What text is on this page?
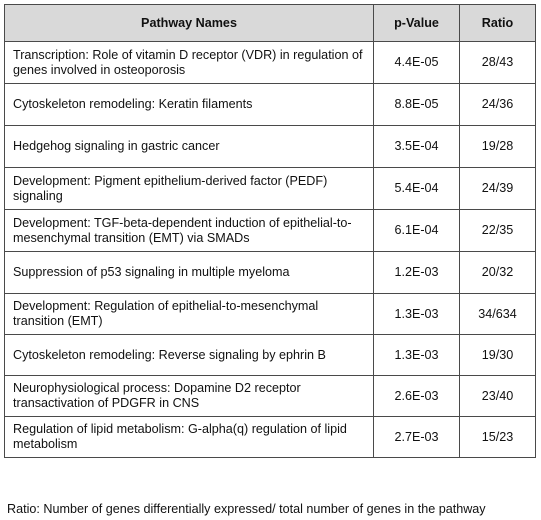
Pathway Names	p-Value	Ratio
Transcription: Role of vitamin D receptor (VDR) in regulation of genes involved in osteoporosis	4.4E-05	28/43
Cytoskeleton remodeling: Keratin filaments	8.8E-05	24/36
Hedgehog signaling in gastric cancer	3.5E-04	19/28
Development: Pigment epithelium-derived factor (PEDF) signaling	5.4E-04	24/39
Development: TGF-beta-dependent induction of epithelial-to-mesenchymal transition (EMT) via SMADs	6.1E-04	22/35
Suppression of p53 signaling in multiple myeloma	1.2E-03	20/32
Development: Regulation of epithelial-to-mesenchymal transition (EMT)	1.3E-03	34/634
Cytoskeleton remodeling: Reverse signaling by ephrin B	1.3E-03	19/30
Neurophysiological process: Dopamine D2 receptor transactivation of PDGFR in CNS	2.6E-03	23/40
Regulation of lipid metabolism: G-alpha(q) regulation of lipid metabolism	2.7E-03	15/23
Ratio: Number of genes differentially expressed/ total number of genes in the pathway
